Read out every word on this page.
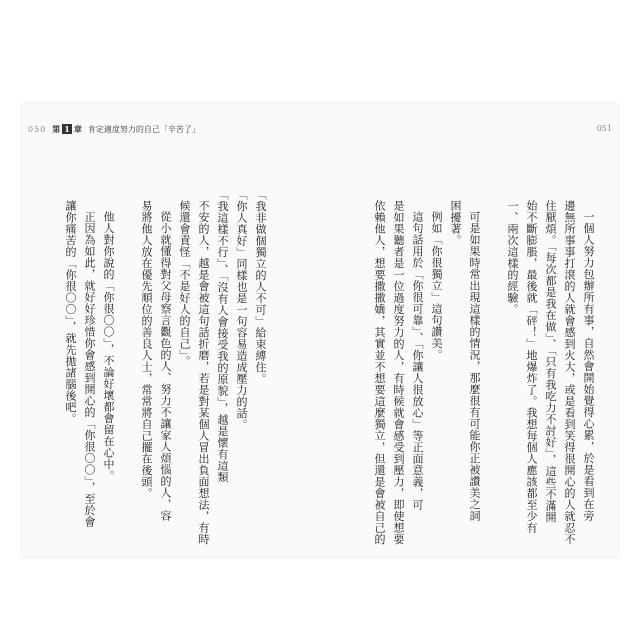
050 第 1 章 肯定適度努力的自己「辛苦了」	051
一個人努力包辦所有事，自然會開始覺得心累，於是看到在旁
邊無所事事打滾的人就會感到火大，或是看到笑得很開心的人就忍不
住厭煩。「每次都是我在做」、「只有我吃力不討好」，這些不滿開
始不斷膨脹，最後就「砰！」地爆炸了。我想每個人應該都至少有
一、兩次這樣的經驗。
可是如果時常出現這樣的情況，那麼很有可能你正被讚美之詞
困擾著。
例如「你很獨立」這句讚美。
這句話用於「你很可靠」、「你讓人很放心」等正面意義，可
是如果聽者是一位過度努力的人，有時候就會感受到壓力，即使想要
依賴他人，想要撒撒嬌，其實並不想要這麼獨立，但還是會被自己的
「我非做個獨立的人不可」給束縛住。
「你人真好」同樣也是一句容易造成壓力的話。
「我這樣不行」、「沒有人會接受我的原貌」，越是懷有這類
不安的人，越是會被這句話折磨，若是對某個人冒出負面想法，有時
候還會責怪「不是好人的自己」。
從小就懂得對父母察言觀色的人、努力不讓家人煩惱的人，容
易將他人放在優先順位的善良人士，常常將自己擺在後頭。
他人對你說的「你很〇〇」，不論好壞都會留在心中。
正因為如此，就好好珍惜你會感到開心的「你很〇〇」，至於會
讓你痛苦的「你很〇〇」，就先拋諸腦後吧。
